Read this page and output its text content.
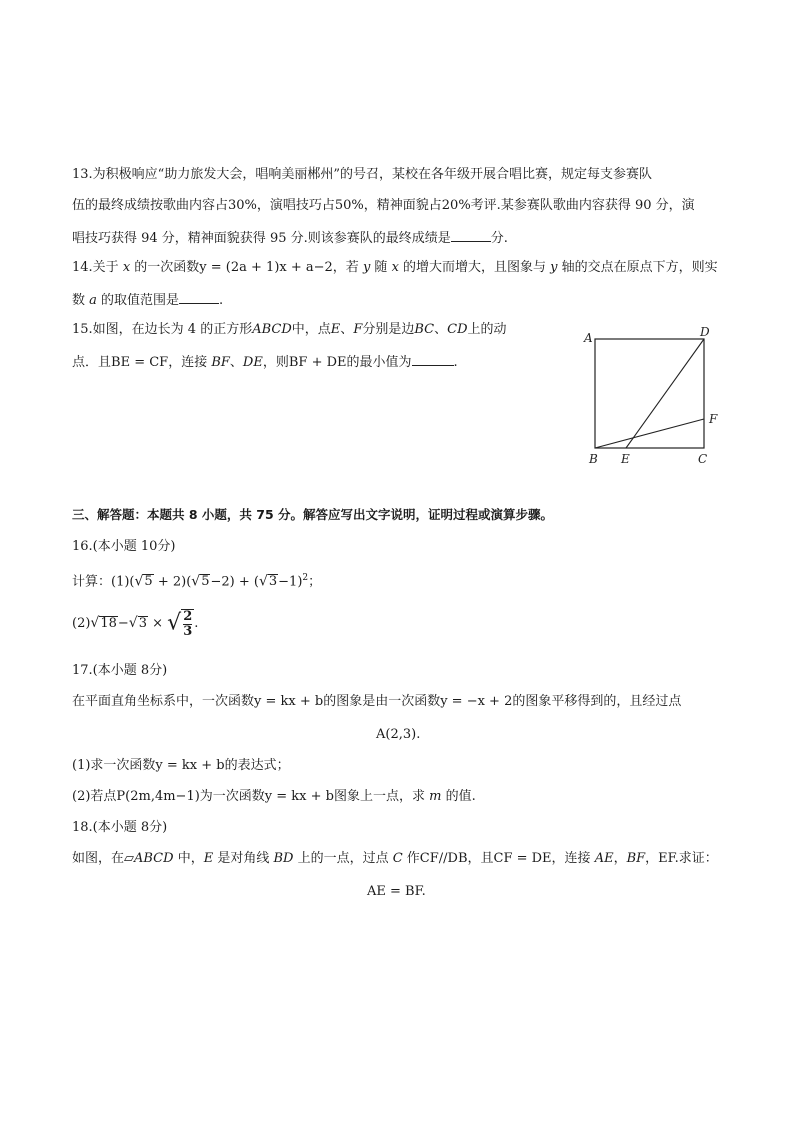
13.为积极响应“助力旅发大会，唱响美丽郴州”的号召，某校在各年级开展合唱比赛，规定每支参赛队
伍的最终成绩按歌曲内容占30%，演唱技巧占50%，精神面貌占20%考评.某参赛队歌曲内容获得 90 分，演
唱技巧获得 94 分，精神面貌获得 95 分.则该参赛队的最终成绩是	分.
14.关于 x 的一次函数y = (2a + 1)x + a−2，若 y 随 x 的增大而增大，且图象与 y 轴的交点在原点下方，则实
数 a 的取值范围是	.
15.如图，在边长为 4 的正方形ABCD中，点E、F分别是边BC、CD上的动
点．且BE = CF，连接 BF、DE，则BF + DE的最小值为	.
A	D
F
B E	C
三、解答题：本题共 8 小题，共 75 分。解答应写出文字说明，证明过程或演算步骤。
16.(本小题 10分)
计算：$(1)(√5 + 2)(√5-2) + (√3-1)^2$；
(2)√18−√3 × √ $\frac{2}{3}$ .
17.(本小题 8分)
在平面直角坐标系中，一次函数y = kx + b的图象是由一次函数y = −x + 2的图象平移得到的，且经过点
A(2,3).
(1)求一次函数y = kx + b的表达式；
(2)若点P(2m,4m−1)为一次函数y = kx + b图象上一点，求 m 的值.
18.(本小题 8分)
如图，在▱ABCD 中，E 是对角线 BD 上的一点，过点 C 作CF//DB，且CF = DE，连接 AE，BF，EF.求证：
AE = BF.
